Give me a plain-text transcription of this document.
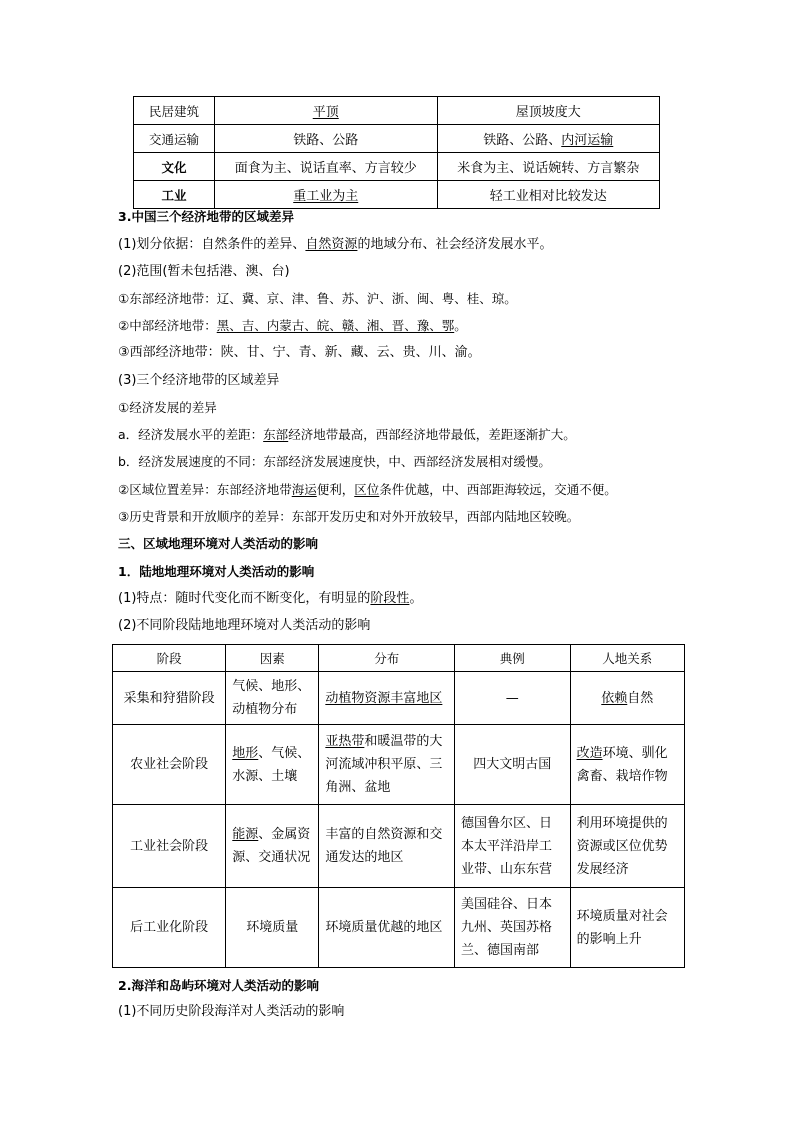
民居建筑	平顶	屋顶坡度大
交通运输	铁路、公路	铁路、公路、内河运输
文化	面食为主、说话直率、方言较少	米食为主、说话婉转、方言繁杂
工业	重工业为主	轻工业相对比较发达
3.中国三个经济地带的区域差异
(1)划分依据：自然条件的差异、自然资源的地域分布、社会经济发展水平。
(2)范围(暂未包括港、澳、台)
①东部经济地带：辽、冀、京、津、鲁、苏、沪、浙、闽、粤、桂、琼。
②中部经济地带：黑、吉、内蒙古、皖、赣、湘、晋、豫、鄂。
③西部经济地带：陕、甘、宁、青、新、藏、云、贵、川、渝。
(3)三个经济地带的区域差异
①经济发展的差异
a．经济发展水平的差距：东部经济地带最高，西部经济地带最低，差距逐渐扩大。
b．经济发展速度的不同：东部经济发展速度快，中、西部经济发展相对缓慢。
②区域位置差异：东部经济地带海运便利，区位条件优越，中、西部距海较远，交通不便。
③历史背景和开放顺序的差异：东部开发历史和对外开放较早，西部内陆地区较晚。
三、区域地理环境对人类活动的影响
1．陆地地理环境对人类活动的影响
(1)特点：随时代变化而不断变化，有明显的阶段性。
(2)不同阶段陆地地理环境对人类活动的影响
阶段	因素	分布	典例	人地关系
采集和狩猎阶段	气候、地形、动植物分布	动植物资源丰富地区	—	依赖自然
农业社会阶段	地形、气候、水源、土壤	亚热带和暖温带的大河流域冲积平原、三角洲、盆地	四大文明古国	改造环境、驯化禽畜、栽培作物
工业社会阶段	能源、金属资源、交通状况	丰富的自然资源和交通发达的地区	德国鲁尔区、日本太平洋沿岸工业带、山东东营	利用环境提供的资源或区位优势发展经济
后工业化阶段	环境质量	环境质量优越的地区	美国硅谷、日本九州、英国苏格兰、德国南部	环境质量对社会的影响上升
2.海洋和岛屿环境对人类活动的影响
(1)不同历史阶段海洋对人类活动的影响
